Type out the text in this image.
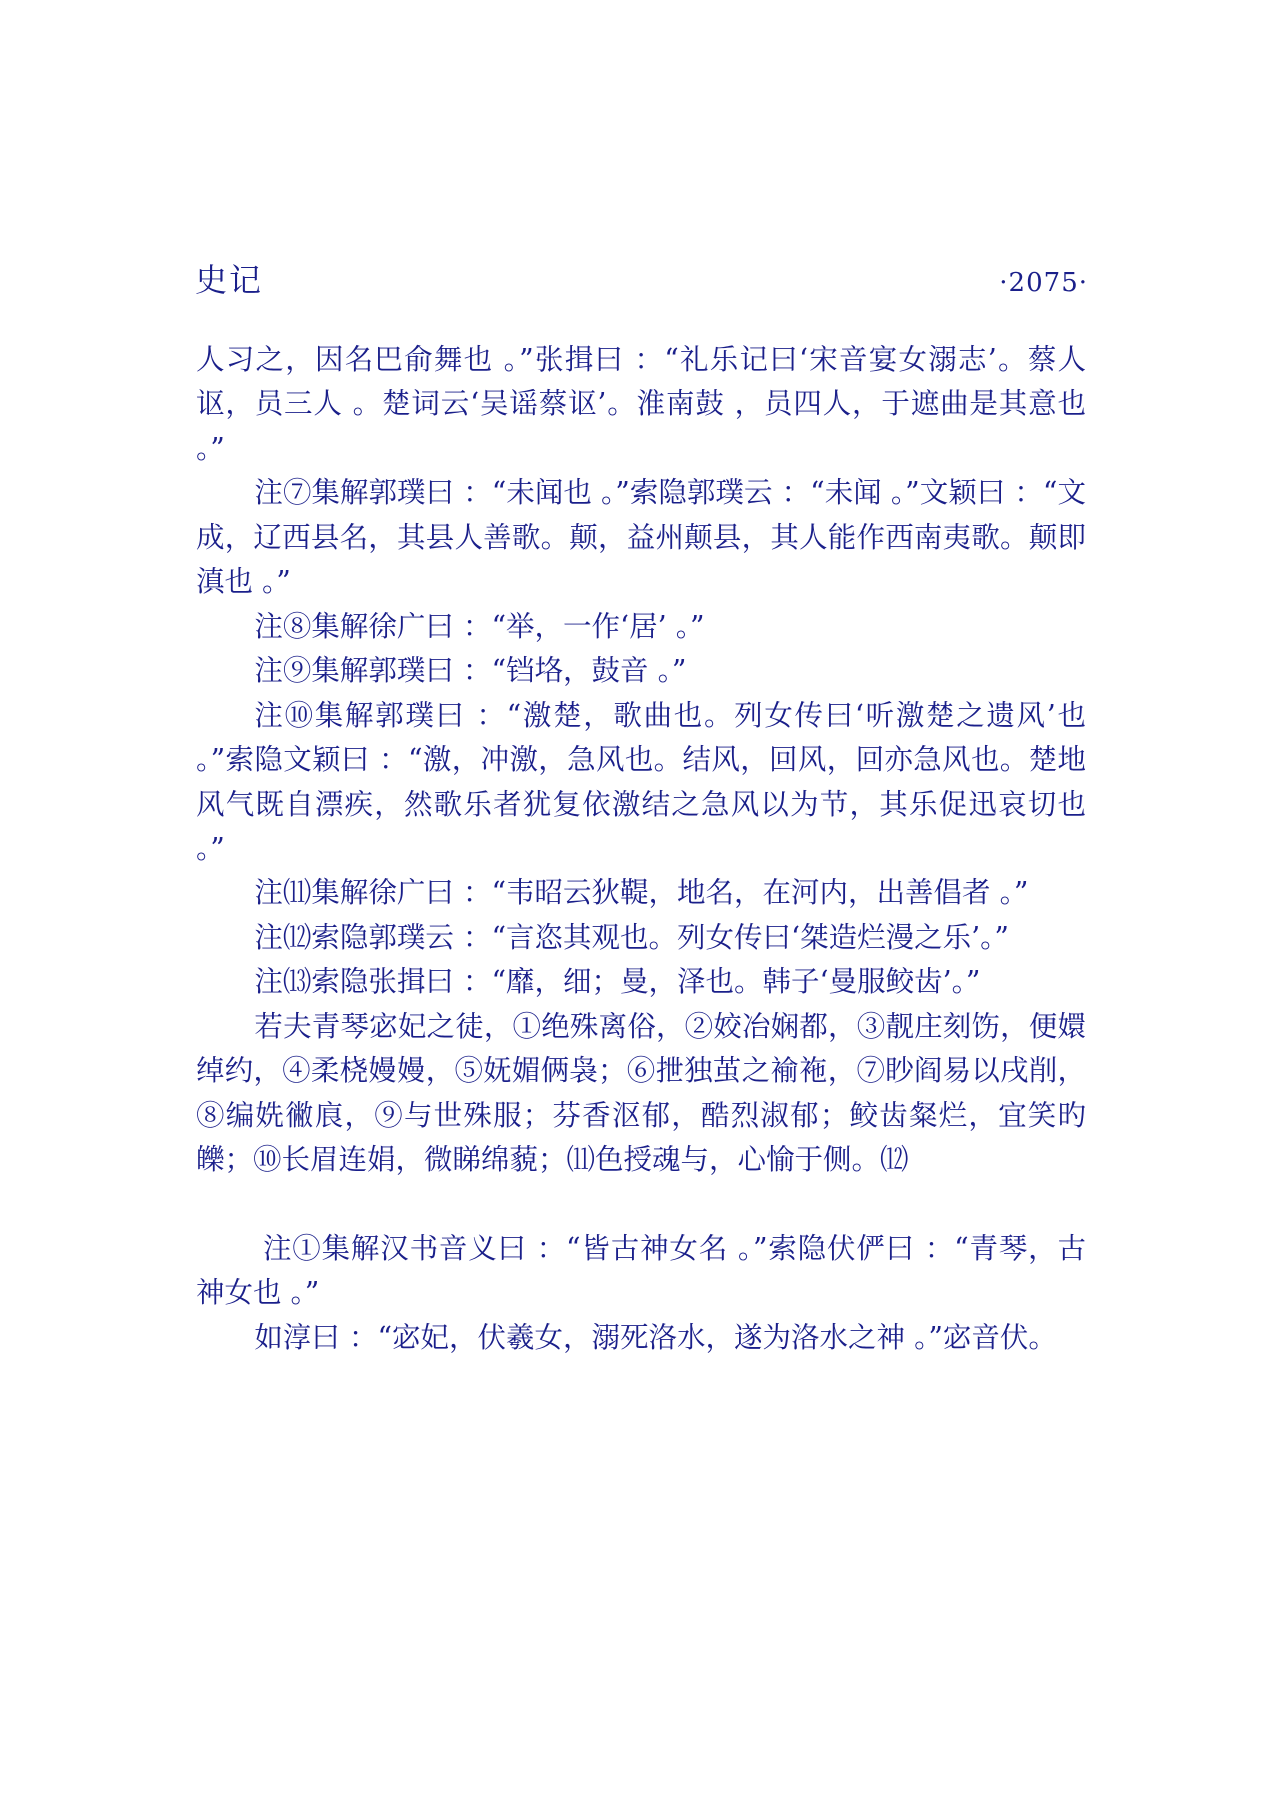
史记	·2075·

人习之，因名巴俞舞也 。”张揖曰 ：“礼乐记曰‘宋音宴女溺志’。蔡人讴，员三人 。楚词云‘吴谣蔡讴’。淮南鼓 ，员四人，于遮曲是其意也 。”

注⑦集解郭璞曰 ：“未闻也 。”索隐郭璞云 ：“未闻 。”文颖曰 ：“文成，辽西县名，其县人善歌。颠，益州颠县，其人能作西南夷歌。颠即滇也 。”

注⑧集解徐广曰 ：“举，一作‘居’ 。”

注⑨集解郭璞曰 ：“铛垎，鼓音 。”

注⑩集解郭璞曰 ：“激楚，歌曲也。列女传曰‘听激楚之遗风’也 。”索隐文颖曰 ：“激，冲激，急风也。结风，回风，回亦急风也。楚地风气既自漂疾，然歌乐者犹复依激结之急风以为节，其乐促迅哀切也 。”

注⑾集解徐广曰 ：“韦昭云狄鞮，地名，在河内，出善倡者 。”

注⑿索隐郭璞云 ：“言恣其观也。列女传曰‘桀造烂漫之乐’。”

注⒀索隐张揖曰 ：“靡，细；曼，泽也。韩子‘曼服鲛齿’。”

若夫青琴宓妃之徒，①绝殊离俗，②姣冶娴都，③靓庄刻饬，便嬛绰约，④柔桡嫚嫚，⑤妩媚俩袅；⑥抴独茧之褕袘，⑦眇阎易以戌削，⑧编姺徶㡾，⑨与世殊服；芬香沤郁，酷烈淑郁；鲛齿粲烂，宜笑旳皪；⑩长眉连娟，微睇绵藐；⑾色授魂与，心愉于侧。⑿

注①集解汉书音义曰 ：“皆古神女名 。”索隐伏俨曰 ：“青琴，古神女也 。”

如淳曰 ：“宓妃，伏羲女，溺死洛水，遂为洛水之神 。”宓音伏。
